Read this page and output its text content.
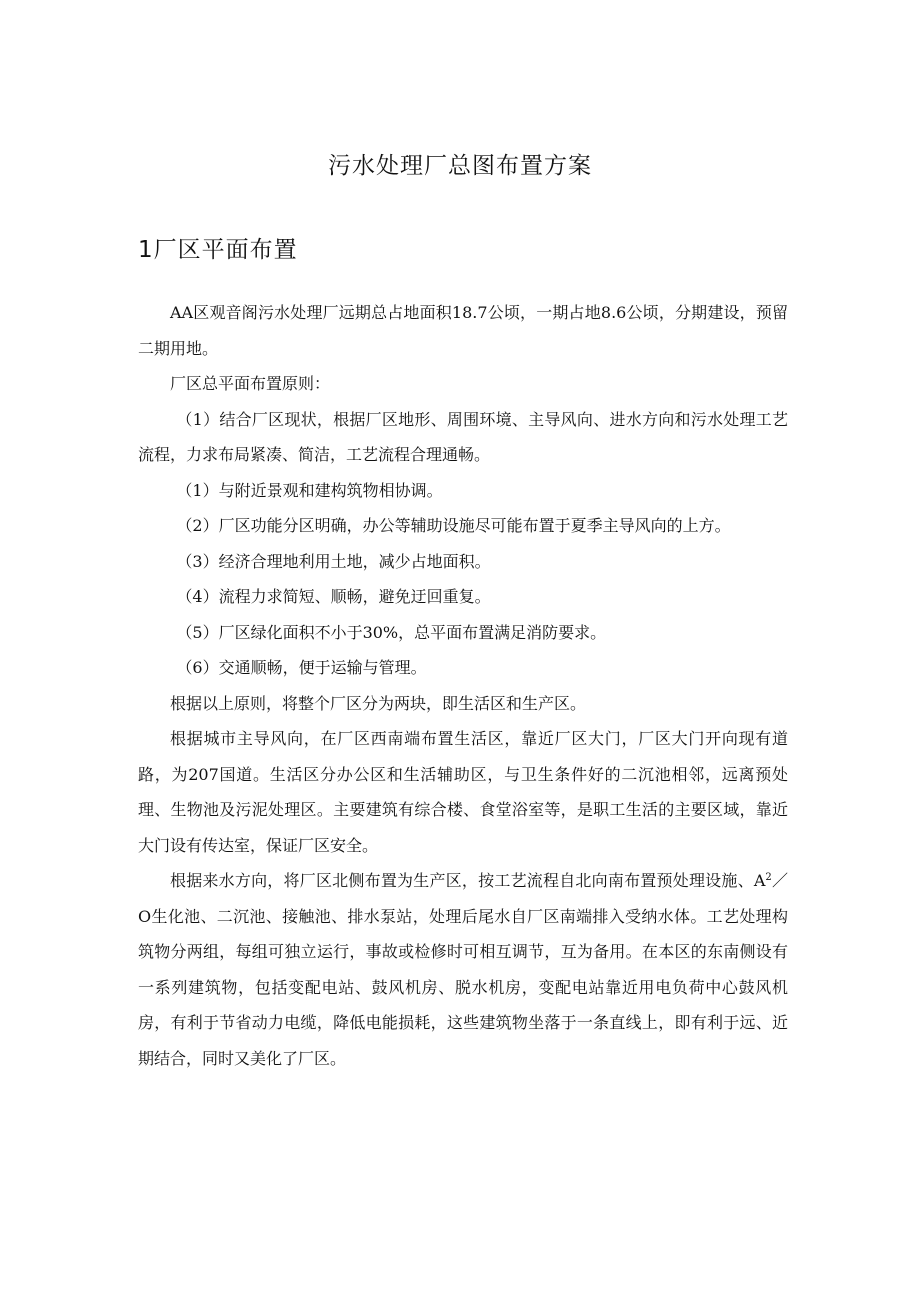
污水处理厂总图布置方案
1厂区平面布置

AA区观音阁污水处理厂远期总占地面积18.7公顷，一期占地8.6公顷，分期建设，预留二期用地。

厂区总平面布置原则：

（1）结合厂区现状，根据厂区地形、周围环境、主导风向、进水方向和污水处理工艺流程，力求布局紧凑、简洁，工艺流程合理通畅。

（1）与附近景观和建构筑物相协调。

（2）厂区功能分区明确，办公等辅助设施尽可能布置于夏季主导风向的上方。

（3）经济合理地利用土地，减少占地面积。

（4）流程力求简短、顺畅，避免迂回重复。

（5）厂区绿化面积不小于30%，总平面布置满足消防要求。

（6）交通顺畅，便于运输与管理。

根据以上原则，将整个厂区分为两块，即生活区和生产区。

根据城市主导风向，在厂区西南端布置生活区，靠近厂区大门，厂区大门开向现有道路，为207国道。生活区分办公区和生活辅助区，与卫生条件好的二沉池相邻，远离预处理、生物池及污泥处理区。主要建筑有综合楼、食堂浴室等，是职工生活的主要区域，靠近大门设有传达室，保证厂区安全。

根据来水方向，将厂区北侧布置为生产区，按工艺流程自北向南布置预处理设施、$A^2/O$生化池、二沉池、接触池、排水泵站，处理后尾水自厂区南端排入受纳水体。工艺处理构筑物分两组，每组可独立运行，事故或检修时可相互调节，互为备用。在本区的东南侧设有一系列建筑物，包括变配电站、鼓风机房、脱水机房，变配电站靠近用电负荷中心鼓风机房，有利于节省动力电缆，降低电能损耗，这些建筑物坐落于一条直线上，即有利于远、近期结合，同时又美化了厂区。
